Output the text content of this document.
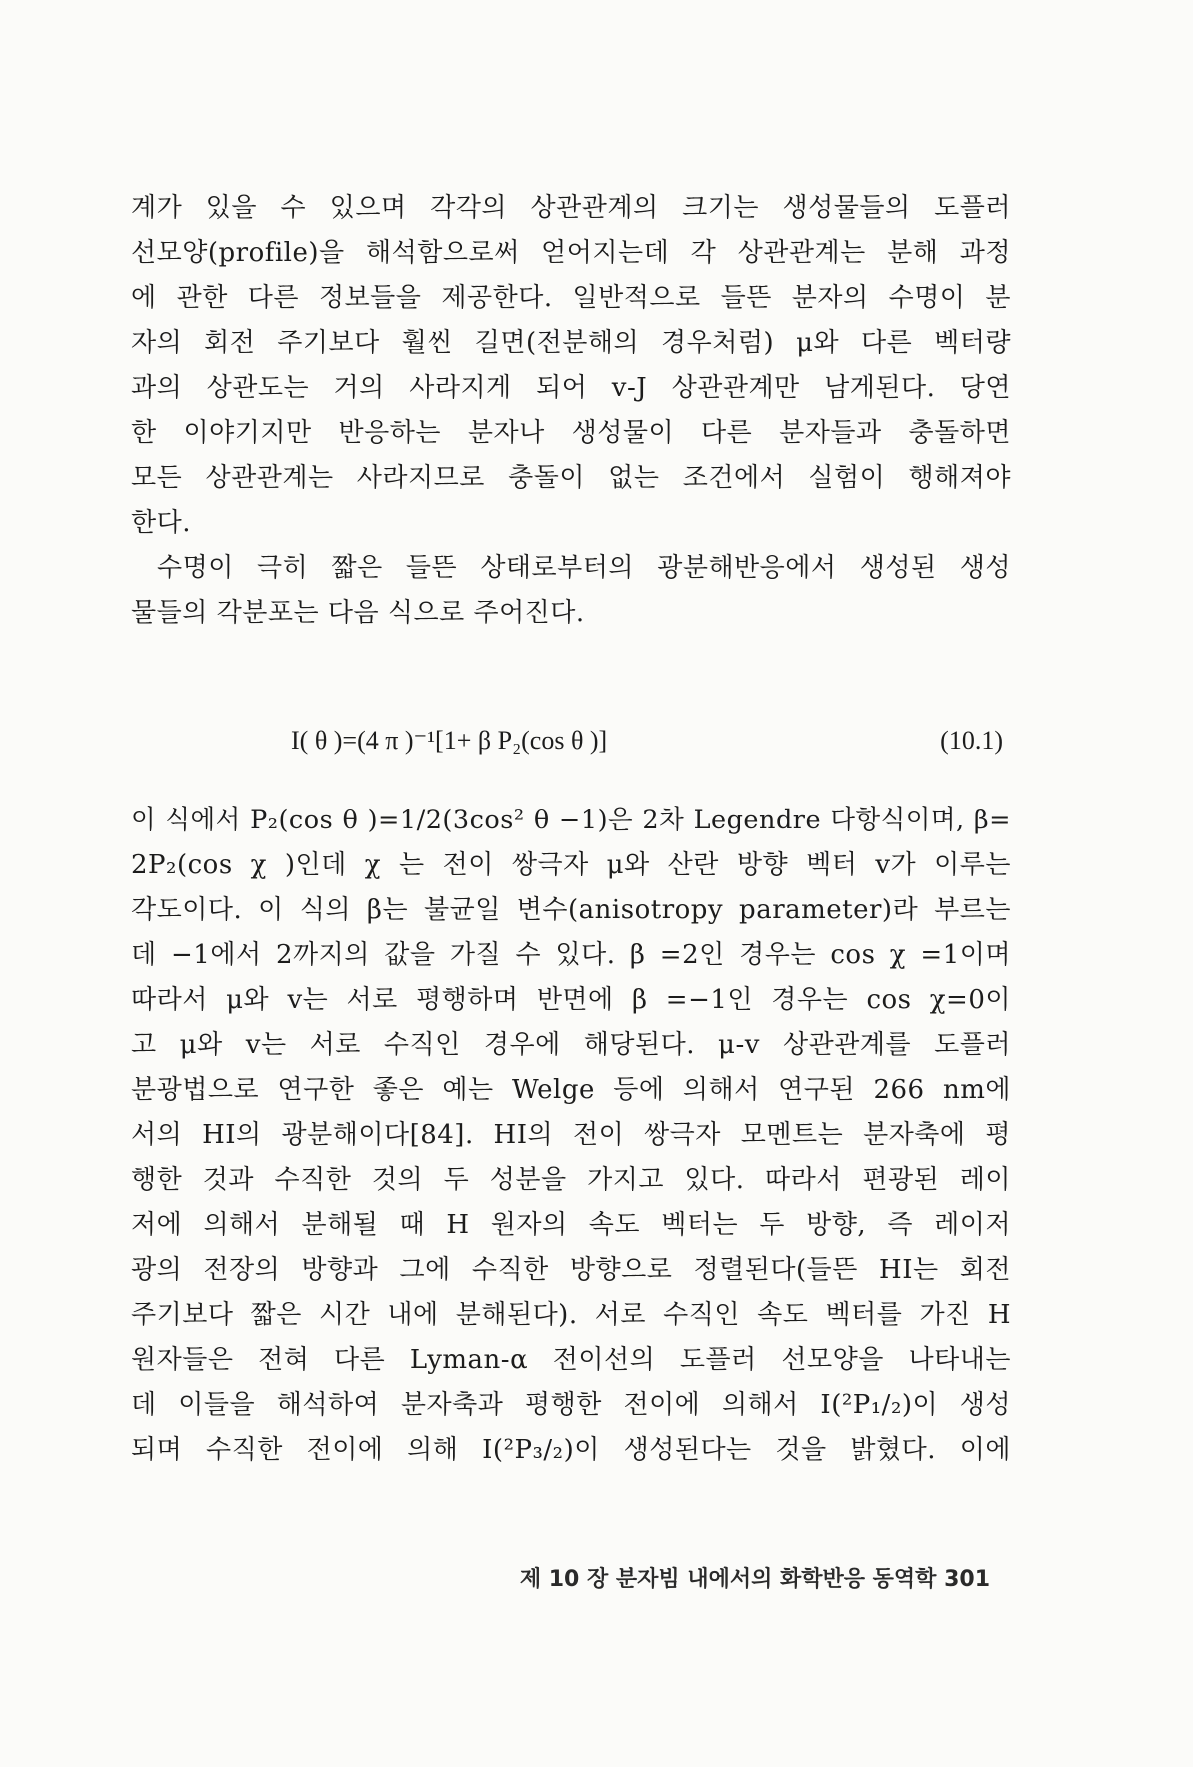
계가 있을 수 있으며 각각의 상관관계의 크기는 생성물들의 도플러
선모양(profile)을 해석함으로써 얻어지는데 각 상관관계는 분해 과정
에 관한 다른 정보들을 제공한다. 일반적으로 들뜬 분자의 수명이 분
자의 회전 주기보다 훨씬 길면(전분해의 경우처럼) μ와 다른 벡터량
과의 상관도는 거의 사라지게 되어 v-J 상관관계만 남게된다. 당연
한 이야기지만 반응하는 분자나 생성물이 다른 분자들과 충돌하면
모든 상관관계는 사라지므로 충돌이 없는 조건에서 실험이 행해져야
한다.
수명이 극히 짧은 들뜬 상태로부터의 광분해반응에서 생성된 생성
물들의 각분포는 다음 식으로 주어진다.
I( θ )=(4 π )⁻¹[1+ β P₂(cos θ )]	(10.1)
이 식에서 P₂(cos θ )=1/2(3cos² θ −1)은 2차 Legendre 다항식이며, β=
2P₂(cos χ )인데 χ 는 전이 쌍극자 μ와 산란 방향 벡터 v가 이루는
각도이다. 이 식의 β는 불균일 변수(anisotropy parameter)라 부르는
데 −1에서 2까지의 값을 가질 수 있다. β =2인 경우는 cos χ =1이며
따라서 μ와 v는 서로 평행하며 반면에 β =−1인 경우는 cos χ=0이
고 μ와 v는 서로 수직인 경우에 해당된다. μ-v 상관관계를 도플러
분광법으로 연구한 좋은 예는 Welge 등에 의해서 연구된 266 nm에
서의 HI의 광분해이다[84]. HI의 전이 쌍극자 모멘트는 분자축에 평
행한 것과 수직한 것의 두 성분을 가지고 있다. 따라서 편광된 레이
저에 의해서 분해될 때 H 원자의 속도 벡터는 두 방향, 즉 레이저
광의 전장의 방향과 그에 수직한 방향으로 정렬된다(들뜬 HI는 회전
주기보다 짧은 시간 내에 분해된다). 서로 수직인 속도 벡터를 가진 H
원자들은 전혀 다른 Lyman-α 전이선의 도플러 선모양을 나타내는
데 이들을 해석하여 분자축과 평행한 전이에 의해서 I(²P₁/₂)이 생성
되며 수직한 전이에 의해 I(²P₃/₂)이 생성된다는 것을 밝혔다. 이에
제 10 장 분자빔 내에서의 화학반응 동역학 301
